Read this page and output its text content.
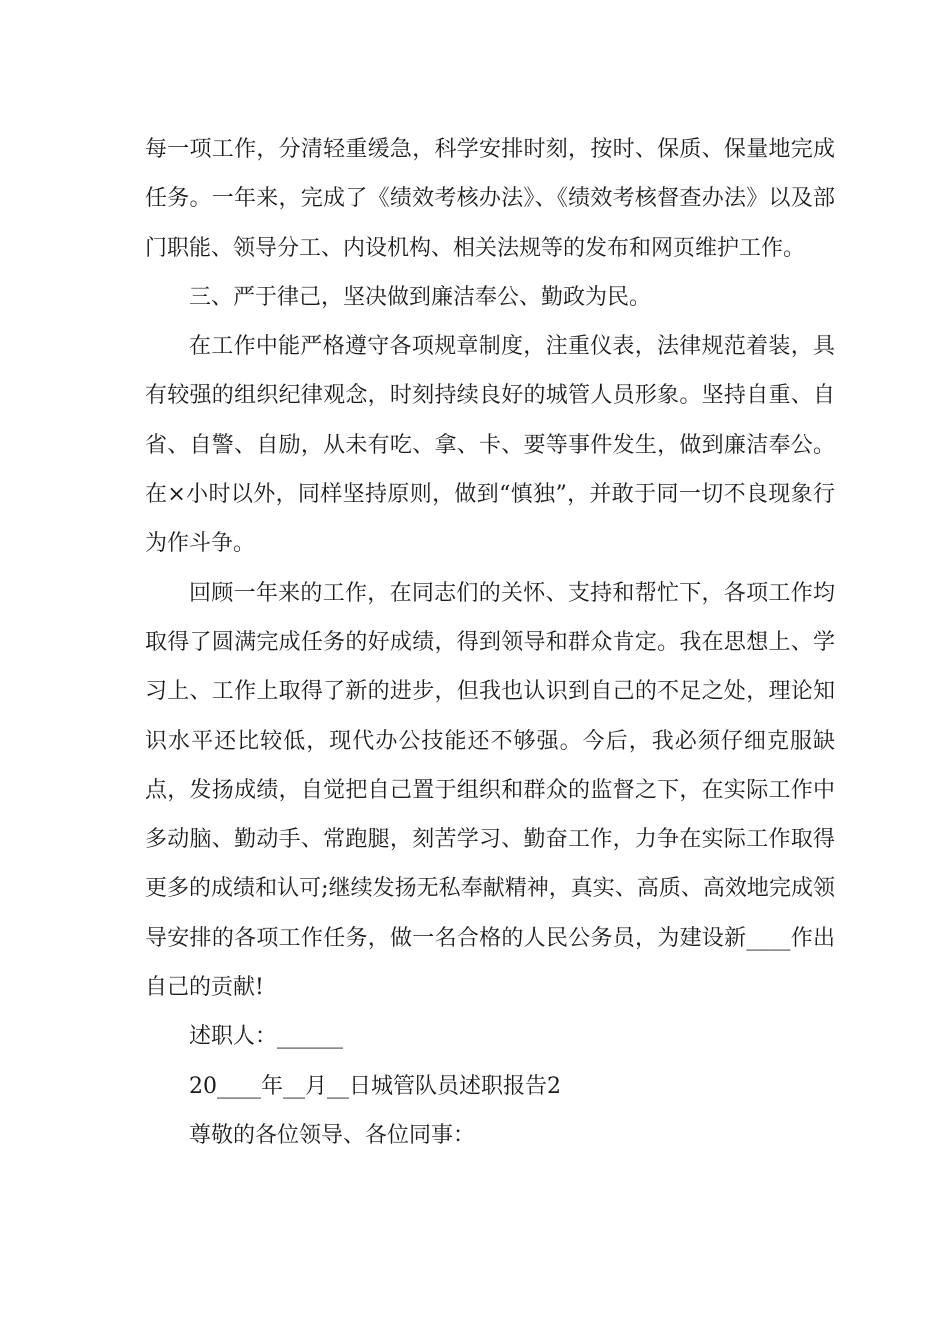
每一项工作，分清轻重缓急，科学安排时刻，按时、保质、保量地完成任务。一年来，完成了《绩效考核办法》、《绩效考核督查办法》以及部门职能、领导分工、内设机构、相关法规等的发布和网页维护工作。

三、严于律己，坚决做到廉洁奉公、勤政为民。

在工作中能严格遵守各项规章制度，注重仪表，法律规范着装，具有较强的组织纪律观念，时刻持续良好的城管人员形象。坚持自重、自省、自警、自励，从未有吃、拿、卡、要等事件发生，做到廉洁奉公。在×小时以外，同样坚持原则，做到“慎独”，并敢于同一切不良现象行为作斗争。

回顾一年来的工作，在同志们的关怀、支持和帮忙下，各项工作均取得了圆满完成任务的好成绩，得到领导和群众肯定。我在思想上、学习上、工作上取得了新的进步，但我也认识到自己的不足之处，理论知识水平还比较低，现代办公技能还不够强。今后，我必须仔细克服缺点，发扬成绩，自觉把自己置于组织和群众的监督之下，在实际工作中多动脑、勤动手、常跑腿，刻苦学习、勤奋工作，力争在实际工作取得更多的成绩和认可;继续发扬无私奉献精神，真实、高质、高效地完成领导安排的各项工作任务，做一名合格的人民公务员，为建设新____作出自己的贡献!

述职人：______

20____年__月__日城管队员述职报告2

尊敬的各位领导、各位同事：
